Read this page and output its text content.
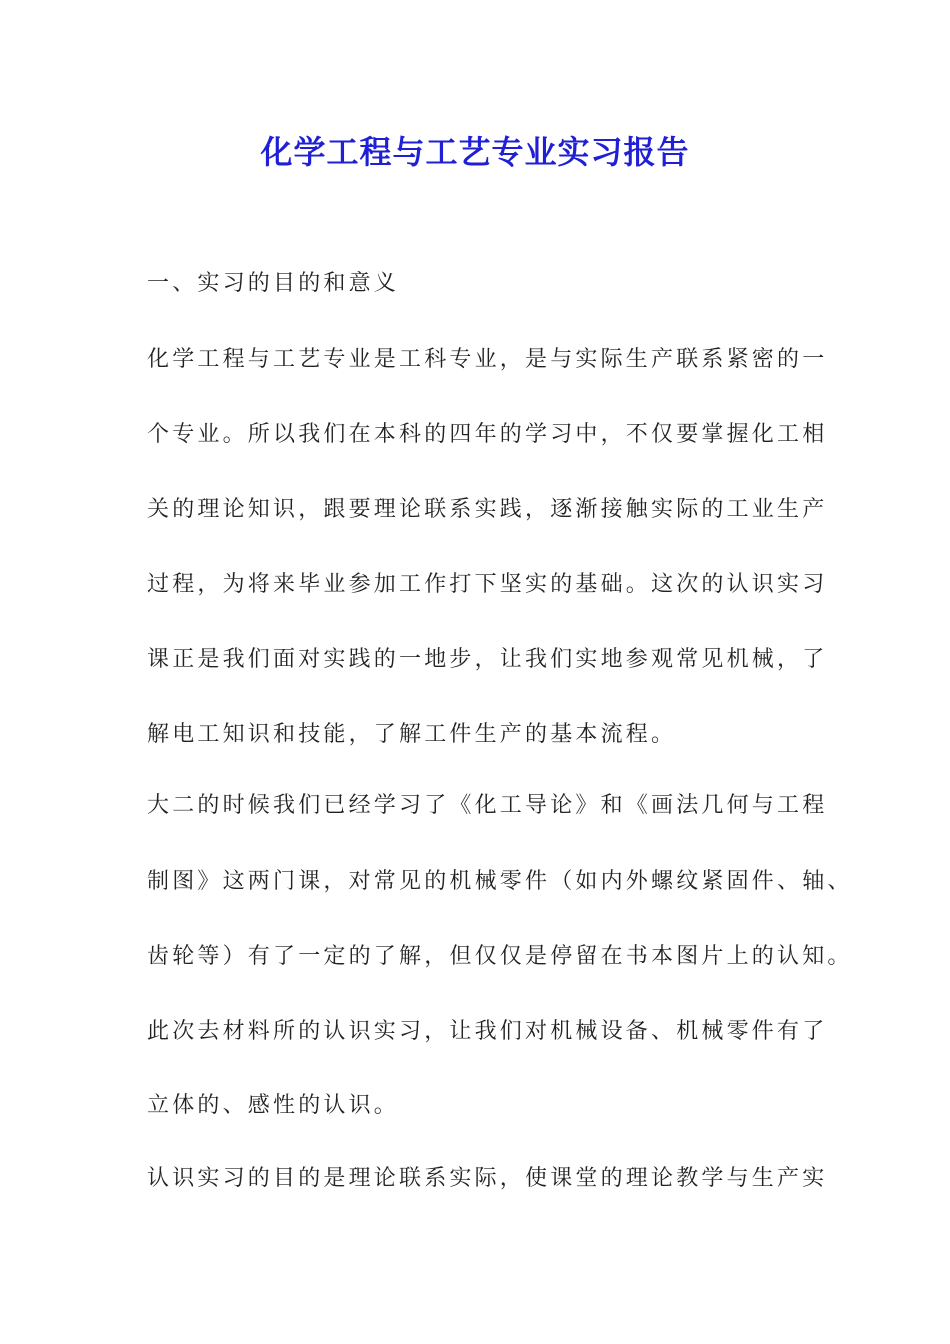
化学工程与工艺专业实习报告

一、实习的目的和意义

化学工程与工艺专业是工科专业，是与实际生产联系紧密的一

个专业。所以我们在本科的四年的学习中，不仅要掌握化工相

关的理论知识，跟要理论联系实践，逐渐接触实际的工业生产

过程，为将来毕业参加工作打下坚实的基础。这次的认识实习

课正是我们面对实践的一地步，让我们实地参观常见机械，了

解电工知识和技能，了解工件生产的基本流程。

大二的时候我们已经学习了《化工导论》和《画法几何与工程

制图》这两门课，对常见的机械零件（如内外螺纹紧固件、轴、

齿轮等）有了一定的了解，但仅仅是停留在书本图片上的认知。

此次去材料所的认识实习，让我们对机械设备、机械零件有了

立体的、感性的认识。

认识实习的目的是理论联系实际，使课堂的理论教学与生产实
